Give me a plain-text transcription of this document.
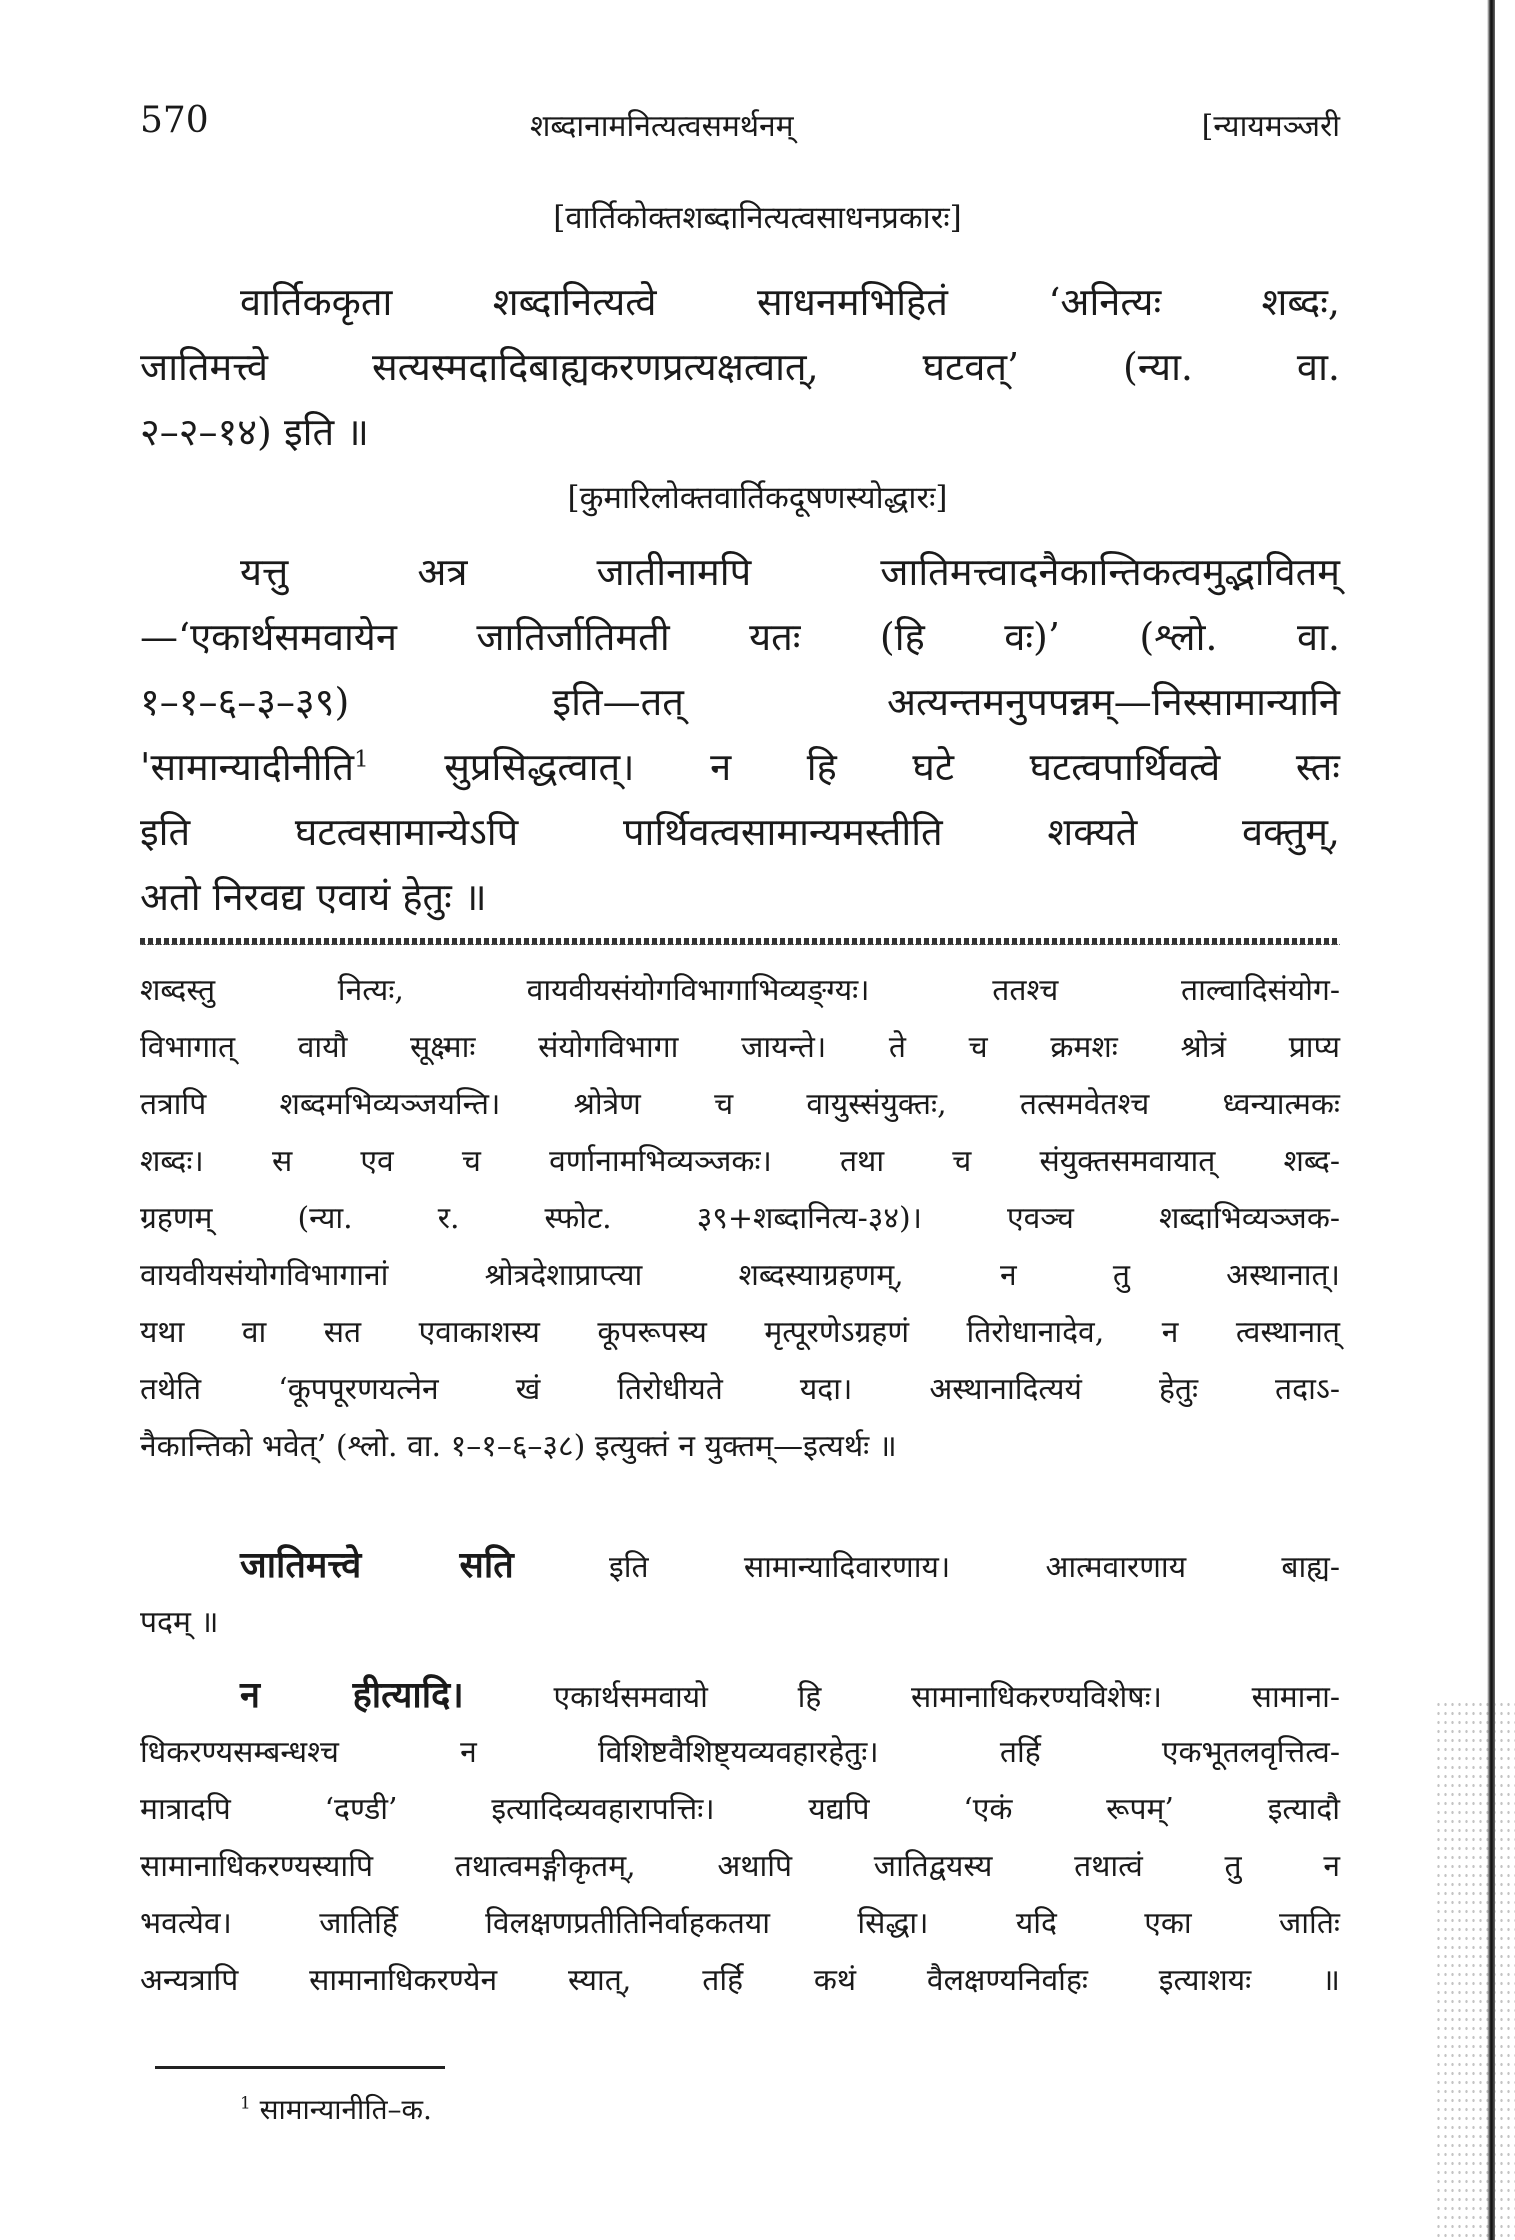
570	शब्दानामनित्यत्वसमर्थनम्	[न्यायमञ्जरी
[वार्तिकोक्तशब्दानित्यत्वसाधनप्रकारः]
वार्तिककृता शब्दानित्यत्वे साधनमभिहितं ‘अनित्यः शब्दः,
जातिमत्त्वे सत्यस्मदादिबाह्यकरणप्रत्यक्षत्वात्, घटवत्’ (न्या. वा.
२–२–१४) इति ॥
[कुमारिलोक्तवार्तिकदूषणस्योद्धारः]
यत्तु अत्र जातीनामपि जातिमत्त्वादनैकान्तिकत्वमुद्भावितम्
—‘एकार्थसमवायेन जातिर्जातिमती यतः (हि वः)’ (श्लो. वा.
१–१–६–३–३९) इति—तत् अत्यन्तमनुपपन्नम्—निस्सामान्यानि
'सामान्यादीनीति$^1$ सुप्रसिद्धत्वात्। न हि घटे घटत्वपार्थिवत्वे स्तः
इति घटत्वसामान्येऽपि पार्थिवत्वसामान्यमस्तीति शक्यते वक्तुम्,
अतो निरवद्य एवायं हेतुः ॥
शब्दस्तु नित्यः, वायवीयसंयोगविभागाभिव्यङ्ग्यः। ततश्च ताल्वादिसंयोग-
विभागात् वायौ सूक्ष्माः संयोगविभागा जायन्ते। ते च क्रमशः श्रोत्रं प्राप्य
तत्रापि शब्दमभिव्यञ्जयन्ति। श्रोत्रेण च वायुस्संयुक्तः, तत्समवेतश्च ध्वन्यात्मकः
शब्दः। स एव च वर्णानामभिव्यञ्जकः। तथा च संयुक्तसमवायात् शब्द-
ग्रहणम् (न्या. र. स्फोट. ३९+शब्दानित्य-३४)। एवञ्च शब्दाभिव्यञ्जक-
वायवीयसंयोगविभागानां श्रोत्रदेशाप्राप्त्या शब्दस्याग्रहणम्, न तु अस्थानात्।
यथा वा सत एवाकाशस्य कूपरूपस्य मृत्पूरणेऽग्रहणं तिरोधानादेव, न त्वस्थानात्
तथेति ‘कूपपूरणयत्नेन खं तिरोधीयते यदा। अस्थानादित्ययं हेतुः तदाऽ-
नैकान्तिको भवेत्’ (श्लो. वा. १–१–६–३८) इत्युक्तं न युक्तम्—इत्यर्थः ॥
जातिमत्त्वे सति	इति सामान्यादिवारणाय। आत्मवारणाय बाह्य-
पदम् ॥
न हीत्यादि।	एकार्थसमवायो हि सामानाधिकरण्यविशेषः। सामाना-
धिकरण्यसम्बन्धश्च न विशिष्टवैशिष्ट्यव्यवहारहेतुः। तर्हि एकभूतलवृत्तित्व-
मात्रादपि ‘दण्डी’ इत्यादिव्यवहारापत्तिः। यद्यपि ‘एकं रूपम्’ इत्यादौ
सामानाधिकरण्यस्यापि तथात्वमङ्गीकृतम्, अथापि जातिद्वयस्य तथात्वं तु न
भवत्येव। जातिर्हि विलक्षणप्रतीतिनिर्वाहकतया सिद्धा। यदि एका जातिः
अन्यत्रापि सामानाधिकरण्येन स्यात्, तर्हि कथं वैलक्षण्यनिर्वाहः इत्याशयः ॥
$^1$ सामान्यानीति–क.
